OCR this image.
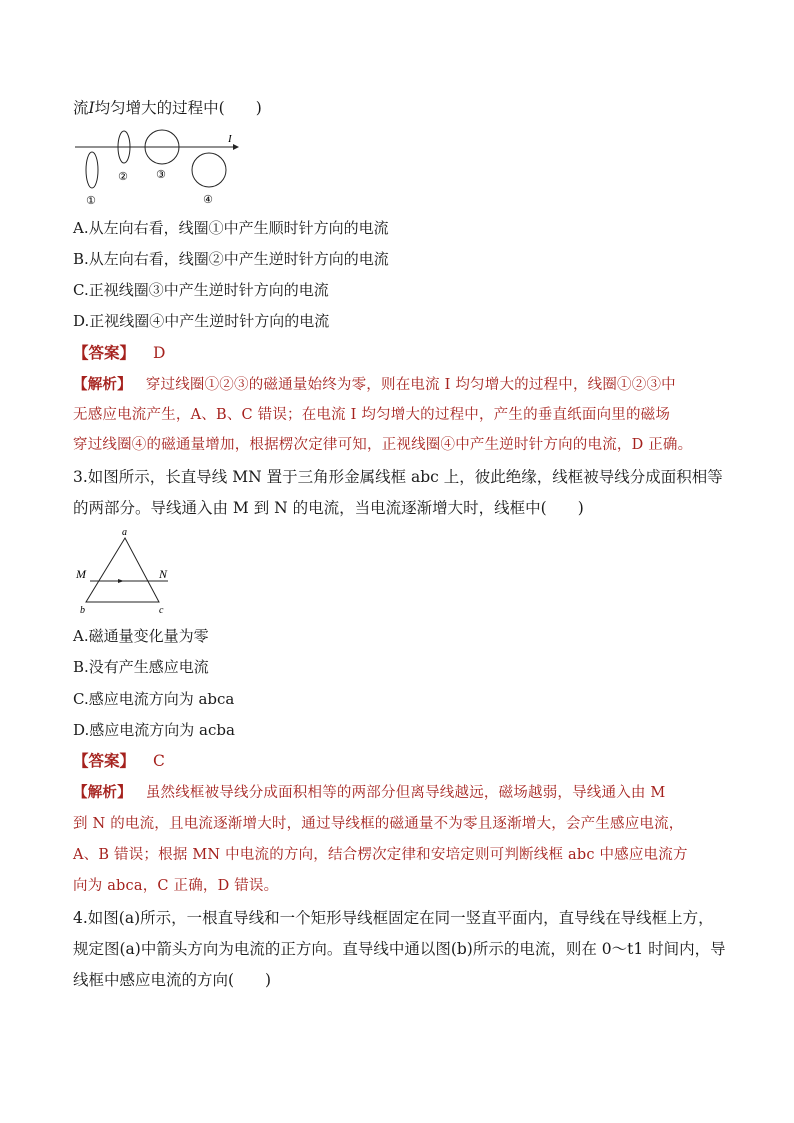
流I均匀增大的过程中(　　)
I
①
②	③
④
A.从左向右看，线圈①中产生顺时针方向的电流
B.从左向右看，线圈②中产生逆时针方向的电流
C.正视线圈③中产生逆时针方向的电流
D.正视线圈④中产生逆时针方向的电流
【答案】 D
【解析】 穿过线圈①②③的磁通量始终为零，则在电流 I 均匀增大的过程中，线圈①②③中
无感应电流产生，A、B、C 错误；在电流 I 均匀增大的过程中，产生的垂直纸面向里的磁场
穿过线圈④的磁通量增加，根据楞次定律可知，正视线圈④中产生逆时针方向的电流，D 正确。
3.如图所示，长直导线 MN 置于三角形金属线框 abc 上，彼此绝缘，线框被导线分成面积相等
的两部分。导线通入由 M 到 N 的电流，当电流逐渐增大时，线框中(　　)
a
b	c
M	N
A.磁通量变化量为零
B.没有产生感应电流
C.感应电流方向为 abca
D.感应电流方向为 acba
【答案】 C
【解析】 虽然线框被导线分成面积相等的两部分但离导线越远，磁场越弱，导线通入由 M
到 N 的电流，且电流逐渐增大时，通过导线框的磁通量不为零且逐渐增大，会产生感应电流，
A、B 错误；根据 MN 中电流的方向，结合楞次定律和安培定则可判断线框 abc 中感应电流方
向为 abca，C 正确，D 错误。
4.如图(a)所示，一根直导线和一个矩形导线框固定在同一竖直平面内，直导线在导线框上方，
规定图(a)中箭头方向为电流的正方向。直导线中通以图(b)所示的电流，则在 0～t1 时间内，导
线框中感应电流的方向(　　)
